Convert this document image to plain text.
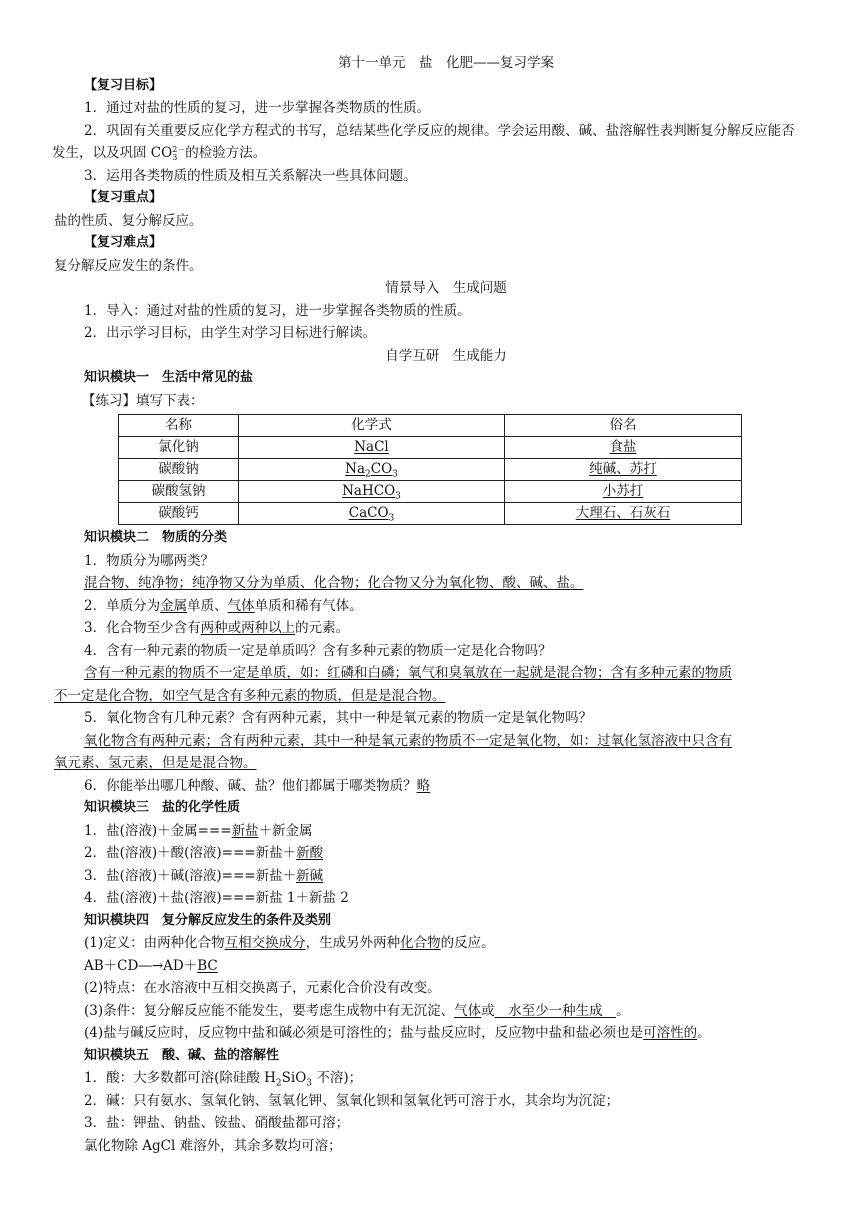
第十一单元　盐　化肥——复习学案
【复习目标】
1．通过对盐的性质的复习，进一步掌握各类物质的性质。
2．巩固有关重要反应化学方程式的书写，总结某些化学反应的规律。学会运用酸、碱、盐溶解性表判断复分解反应能否发生，以及巩固 CO 2－
3 的检验方法。
3．运用各类物质的性质及相互关系解决一些具体问题。
【复习重点】
盐的性质、复分解反应。
【复习难点】
复分解反应发生的条件。
情景导入　生成问题
1．导入：通过对盐的性质的复习，进一步掌握各类物质的性质。
2．出示学习目标，由学生对学习目标进行解读。
自学互研　生成能力
知识模块一　生活中常见的盐
【练习】填写下表：
名称	化学式	俗名
氯化钠	NaCl	食盐
碳酸钠	$Na_2CO_3$	纯碱、苏打
碳酸氢钠	NaHCO$_3$	小苏打
碳酸钙	CaCO$_3$	大理石、石灰石
知识模块二　物质的分类
1．物质分为哪两类？
混合物、纯净物；纯净物又分为单质、化合物；化合物又分为氧化物、酸、碱、盐。
2．单质分为金属单质、气体单质和稀有气体。
3．化合物至少含有两种或两种以上的元素。
4．含有一种元素的物质一定是单质吗？含有多种元素的物质一定是化合物吗？
含有一种元素的物质不一定是单质，如：红磷和白磷；氧气和臭氧放在一起就是混合物；含有多种元素的物质
不一定是化合物，如空气是含有多种元素的物质，但是是混合物。
5．氧化物含有几种元素？含有两种元素，其中一种是氧元素的物质一定是氧化物吗？
氧化物含有两种元素；含有两种元素，其中一种是氧元素的物质不一定是氧化物，如：过氧化氢溶液中只含有
氧元素、氢元素，但是是混合物。
6．你能举出哪几种酸、碱、盐？他们都属于哪类物质？略
知识模块三　盐的化学性质
1．盐(溶液)＋金属===新盐＋新金属
2．盐(溶液)＋酸(溶液)===新盐＋新酸
3．盐(溶液)＋碱(溶液)===新盐＋新碱
4．盐(溶液)＋盐(溶液)===新盐 1＋新盐 2
知识模块四　复分解反应发生的条件及类别
(1)定义：由两种化合物互相交换成分，生成另外两种化合物的反应。
AB＋CD―→AD＋BC
(2)特点：在水溶液中互相交换离子，元素化合价没有改变。
(3)条件：复分解反应能不能发生，要考虑生成物中有无沉淀、气体或　水至少一种生成　。
(4)盐与碱反应时，反应物中盐和碱必须是可溶性的；盐与盐反应时，反应物中盐和盐必须也是可溶性的。
知识模块五　酸、碱、盐的溶解性
1．酸：大多数都可溶(除硅酸 $H_2SiO_3$ 不溶)；
2．碱：只有氨水、氢氧化钠、氢氧化钾、氢氧化钡和氢氧化钙可溶于水，其余均为沉淀；
3．盐：钾盐、钠盐、铵盐、硝酸盐都可溶；
氯化物除 AgCl 难溶外，其余多数均可溶；
